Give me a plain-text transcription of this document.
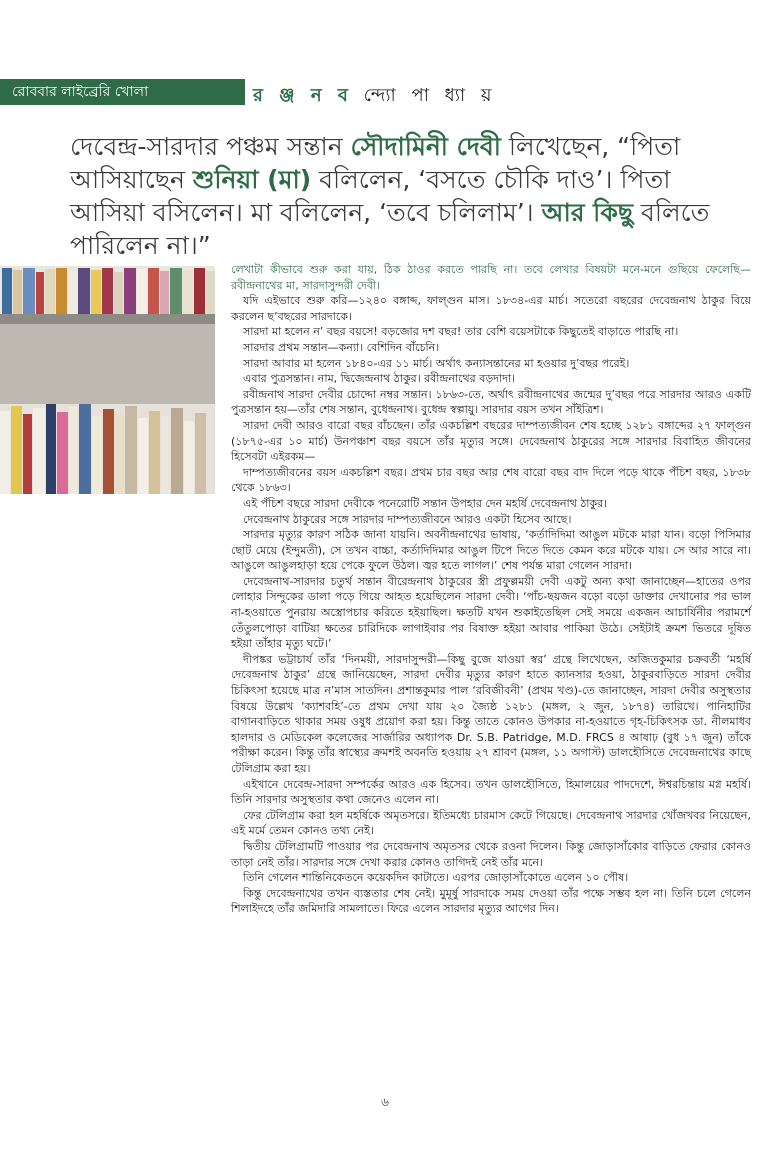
রোববার লাইব্রেরি খোলা	র ঞ্জ ন ব ন্দ্যো পা ধ্যা য়
দেবেন্দ্র-সারদার পঞ্চম সন্তান সৌদামিনী দেবী লিখেছেন, “পিতা আসিয়াছেন শুনিয়া (মা) বলিলেন, ‘বসতে চৌকি দাও’। পিতা আসিয়া বসিলেন। মা বলিলেন, ‘তবে চলিলাম’। আর কিছু বলিতে পারিলেন না।”

লেখাটা কীভাবে শুরু করা যায়, ঠিক ঠাওর করতে পারছি না। তবে লেখার বিষয়টা মনে-মনে গুছিয়ে ফেলেছি—রবীন্দ্রনাথের মা, সারদাসুন্দরী দেবী।

যদি এইভাবে শুরু করি—১২৪০ বঙ্গাব্দ, ফাল্গুন মাস। ১৮৩৪-এর মার্চ। সতেরো বছরের দেবেন্দ্রনাথ ঠাকুর বিয়ে করলেন ছ’বছরের সারদাকে।

সারদা মা হলেন ন’ বছর বয়সে! বড়জোর দশ বছর! তার বেশি বয়েসটাকে কিছুতেই বাড়াতে পারছি না।

সারদার প্রথম সন্তান—কন্যা। বেশিদিন বাঁচেনি।

সারদা আবার মা হলেন ১৮৪০-এর ১১ মার্চ। অর্থাৎ কন্যাসন্তানের মা হওয়ার দু’বছর পরেই।

এবার পুত্রসন্তান। নাম, দ্বিজেন্দ্রনাথ ঠাকুর। রবীন্দ্রনাথের বড়দাদা।

রবীন্দ্রনাথ সারদা দেবীর চোদ্দো নম্বর সন্তান। ১৮৬৩-তে, অর্থাৎ রবীন্দ্রনাথের জন্মের দু’বছর পরে সারদার আরও একটি পুত্রসন্তান হয়—তাঁর শেষ সন্তান, বুধেন্দ্রনাথ। বুধেন্দ্র স্বল্পায়ু। সারদার বয়স তখন সাঁইত্রিশ।

সারদা দেবী আরও বারো বছর বাঁচছেন। তাঁর একচল্লিশ বছরের দাম্পত্যজীবন শেষ হচ্ছে ১২৮১ বঙ্গাব্দের ২৭ ফাল্গুন (১৮৭৫-এর ১০ মার্চ) উনপঞ্চাশ বছর বয়সে তাঁর মৃত্যুর সঙ্গে। দেবেন্দ্রনাথ ঠাকুরের সঙ্গে সারদার বিবাহিত জীবনের হিসেবটা এইরকম—

দাম্পত্যজীবনের বয়স একচল্লিশ বছর। প্রথম চার বছর আর শেষ বারো বছর বাদ দিলে পড়ে থাকে পঁচিশ বছর, ১৮৩৮ থেকে ১৮৬৩।

এই পঁচিশ বছরে সারদা দেবীকে পনেরোটি সন্তান উপহার দেন মহর্ষি দেবেন্দ্রনাথ ঠাকুর।

দেবেন্দ্রনাথ ঠাকুরের সঙ্গে সারদার দাম্পত্যজীবনে আরও একটা হিসেব আছে।

সারদার মৃত্যুর কারণ সঠিক জানা যায়নি। অবনীন্দ্রনাথের ভাষায়, ‘কর্তাদিদিমা আঙুল মটকে মারা যান। বড়ো পিসিমার ছোট মেয়ে (ইন্দুমতী), সে তখন বাচ্চা, কর্তাদিদিমার আঙুল টিপে দিতে দিতে কেমন করে মটকে যায়। সে আর সারে না। আঙুলে আঙুলহাড়া হয়ে পেকে ফুলে উঠল। জ্বর হতে লাগল।’ শেষ পর্যন্ত মারা গেলেন সারদা।

দেবেন্দ্রনাথ-সারদার চতুর্থ সন্তান বীরেন্দ্রনাথ ঠাকুরের স্ত্রী প্রফুল্লময়ী দেবী একটু অন্য কথা জানাচ্ছেন—হাতের ওপর লোহার সিন্দুকের ডালা পড়ে গিয়ে আহত হয়েছিলেন সারদা দেবী। ‘পাঁচ-ছয়জন বড়ো বড়ো ডাক্তার দেখানোর পর ভাল না-হওয়াতে পুনরায় অস্ত্রোপচার করিতে হইয়াছিল। ক্ষতটি যখন শুকাইতেছিল সেই সময়ে একজন আচার্যিনীর পরামর্শে তেঁতুলপোড়া বাটিয়া ক্ষতের চারিদিকে লাগাইবার পর বিষাক্ত হইয়া আবার পাকিয়া উঠে। সেইটাই ক্রমশ ভিতরে দূষিত হইয়া তাঁহার মৃত্যু ঘটে।’

দীপঙ্কর ভট্টাচার্য তাঁর ‘দিনময়ী, সারদাসুন্দরী—কিছু বুজে যাওয়া স্বর’ গ্রন্থে লিখেছেন, অজিতকুমার চক্রবর্তী ‘মহর্ষি দেবেন্দ্রনাথ ঠাকুর’ গ্রন্থে জানিয়েছেন, সারদা দেবীর মৃত্যুর কারণ হাতে ক্যানসার হওয়া, ঠাকুরবাড়িতে সারদা দেবীর চিকিৎসা হয়েছে মাত্র ন’মাস সাতদিন। প্রশান্তকুমার পাল ‘রবিজীবনী’ (প্রথম খণ্ড)-তে জানাচ্ছেন, সারদা দেবীর অসুস্থতার বিষয়ে উল্লেখ ‘ক্যাশবহি’-তে প্রথম দেখা যায় ২০ জ্যৈষ্ঠ ১২৮১ (মঙ্গল, ২ জুন, ১৮৭৪) তারিখে। পানিহাটির বাগানবাড়িতে থাকার সময় ওষুধ প্রয়োগ করা হয়। কিন্তু তাতে কোনও উপকার না-হওয়াতে গৃহ-চিকিৎসক ডা. নীলমাধব হালদার ও মেডিকেল কলেজের সার্জারির অধ্যাপক Dr. S.B. Patridge, M.D. FRCS ৪ আষাঢ় (বুধ ১৭ জুন) তাঁকে পরীক্ষা করেন। কিন্তু তাঁর স্বাস্থ্যের ক্রমশই অবনতি হওয়ায় ২৭ শ্রাবণ (মঙ্গল, ১১ অগাস্ট) ডালহৌসিতে দেবেন্দ্রনাথের কাছে টেলিগ্রাম করা হয়।

এইখানে দেবেন্দ্র-সারদা সম্পর্কের আরও এক হিসেব। তখন ডালহৌসিতে, হিমালয়ের পাদদেশে, ঈশ্বরচিন্তায় মগ্ন মহর্ষি। তিনি সারদার অসুস্থতার কথা জেনেও এলেন না।

ফের টেলিগ্রাম করা হল মহর্ষিকে অমৃতসরে। ইতিমধ্যে চারমাস কেটে গিয়েছে। দেবেন্দ্রনাথ সারদার খোঁজখবর নিয়েছেন, এই মর্মে তেমন কোনও তথ্য নেই।

দ্বিতীয় টেলিগ্রামটি পাওয়ার পর দেবেন্দ্রনাথ অমৃতসর থেকে রওনা দিলেন। কিন্তু জোড়াসাঁকোর বাড়িতে ফেরার কোনও তাড়া নেই তাঁর। সারদার সঙ্গে দেখা করার কোনও তাগিদই নেই তাঁর মনে।

তিনি গেলেন শান্তিনিকেতনে কয়েকদিন কাটাতে। এরপর জোড়াসাঁকোতে এলেন ১০ পৌষ।

কিন্তু দেবেন্দ্রনাথের তখন ব্যস্ততার শেষ নেই। মুমূর্ষু সারদাকে সময় দেওয়া তাঁর পক্ষে সম্ভব হল না। তিনি চলে গেলেন শিলাইদহে তাঁর জমিদারি সামলাতে। ফিরে এলেন সারদার মৃত্যুর আগের দিন।

৬
